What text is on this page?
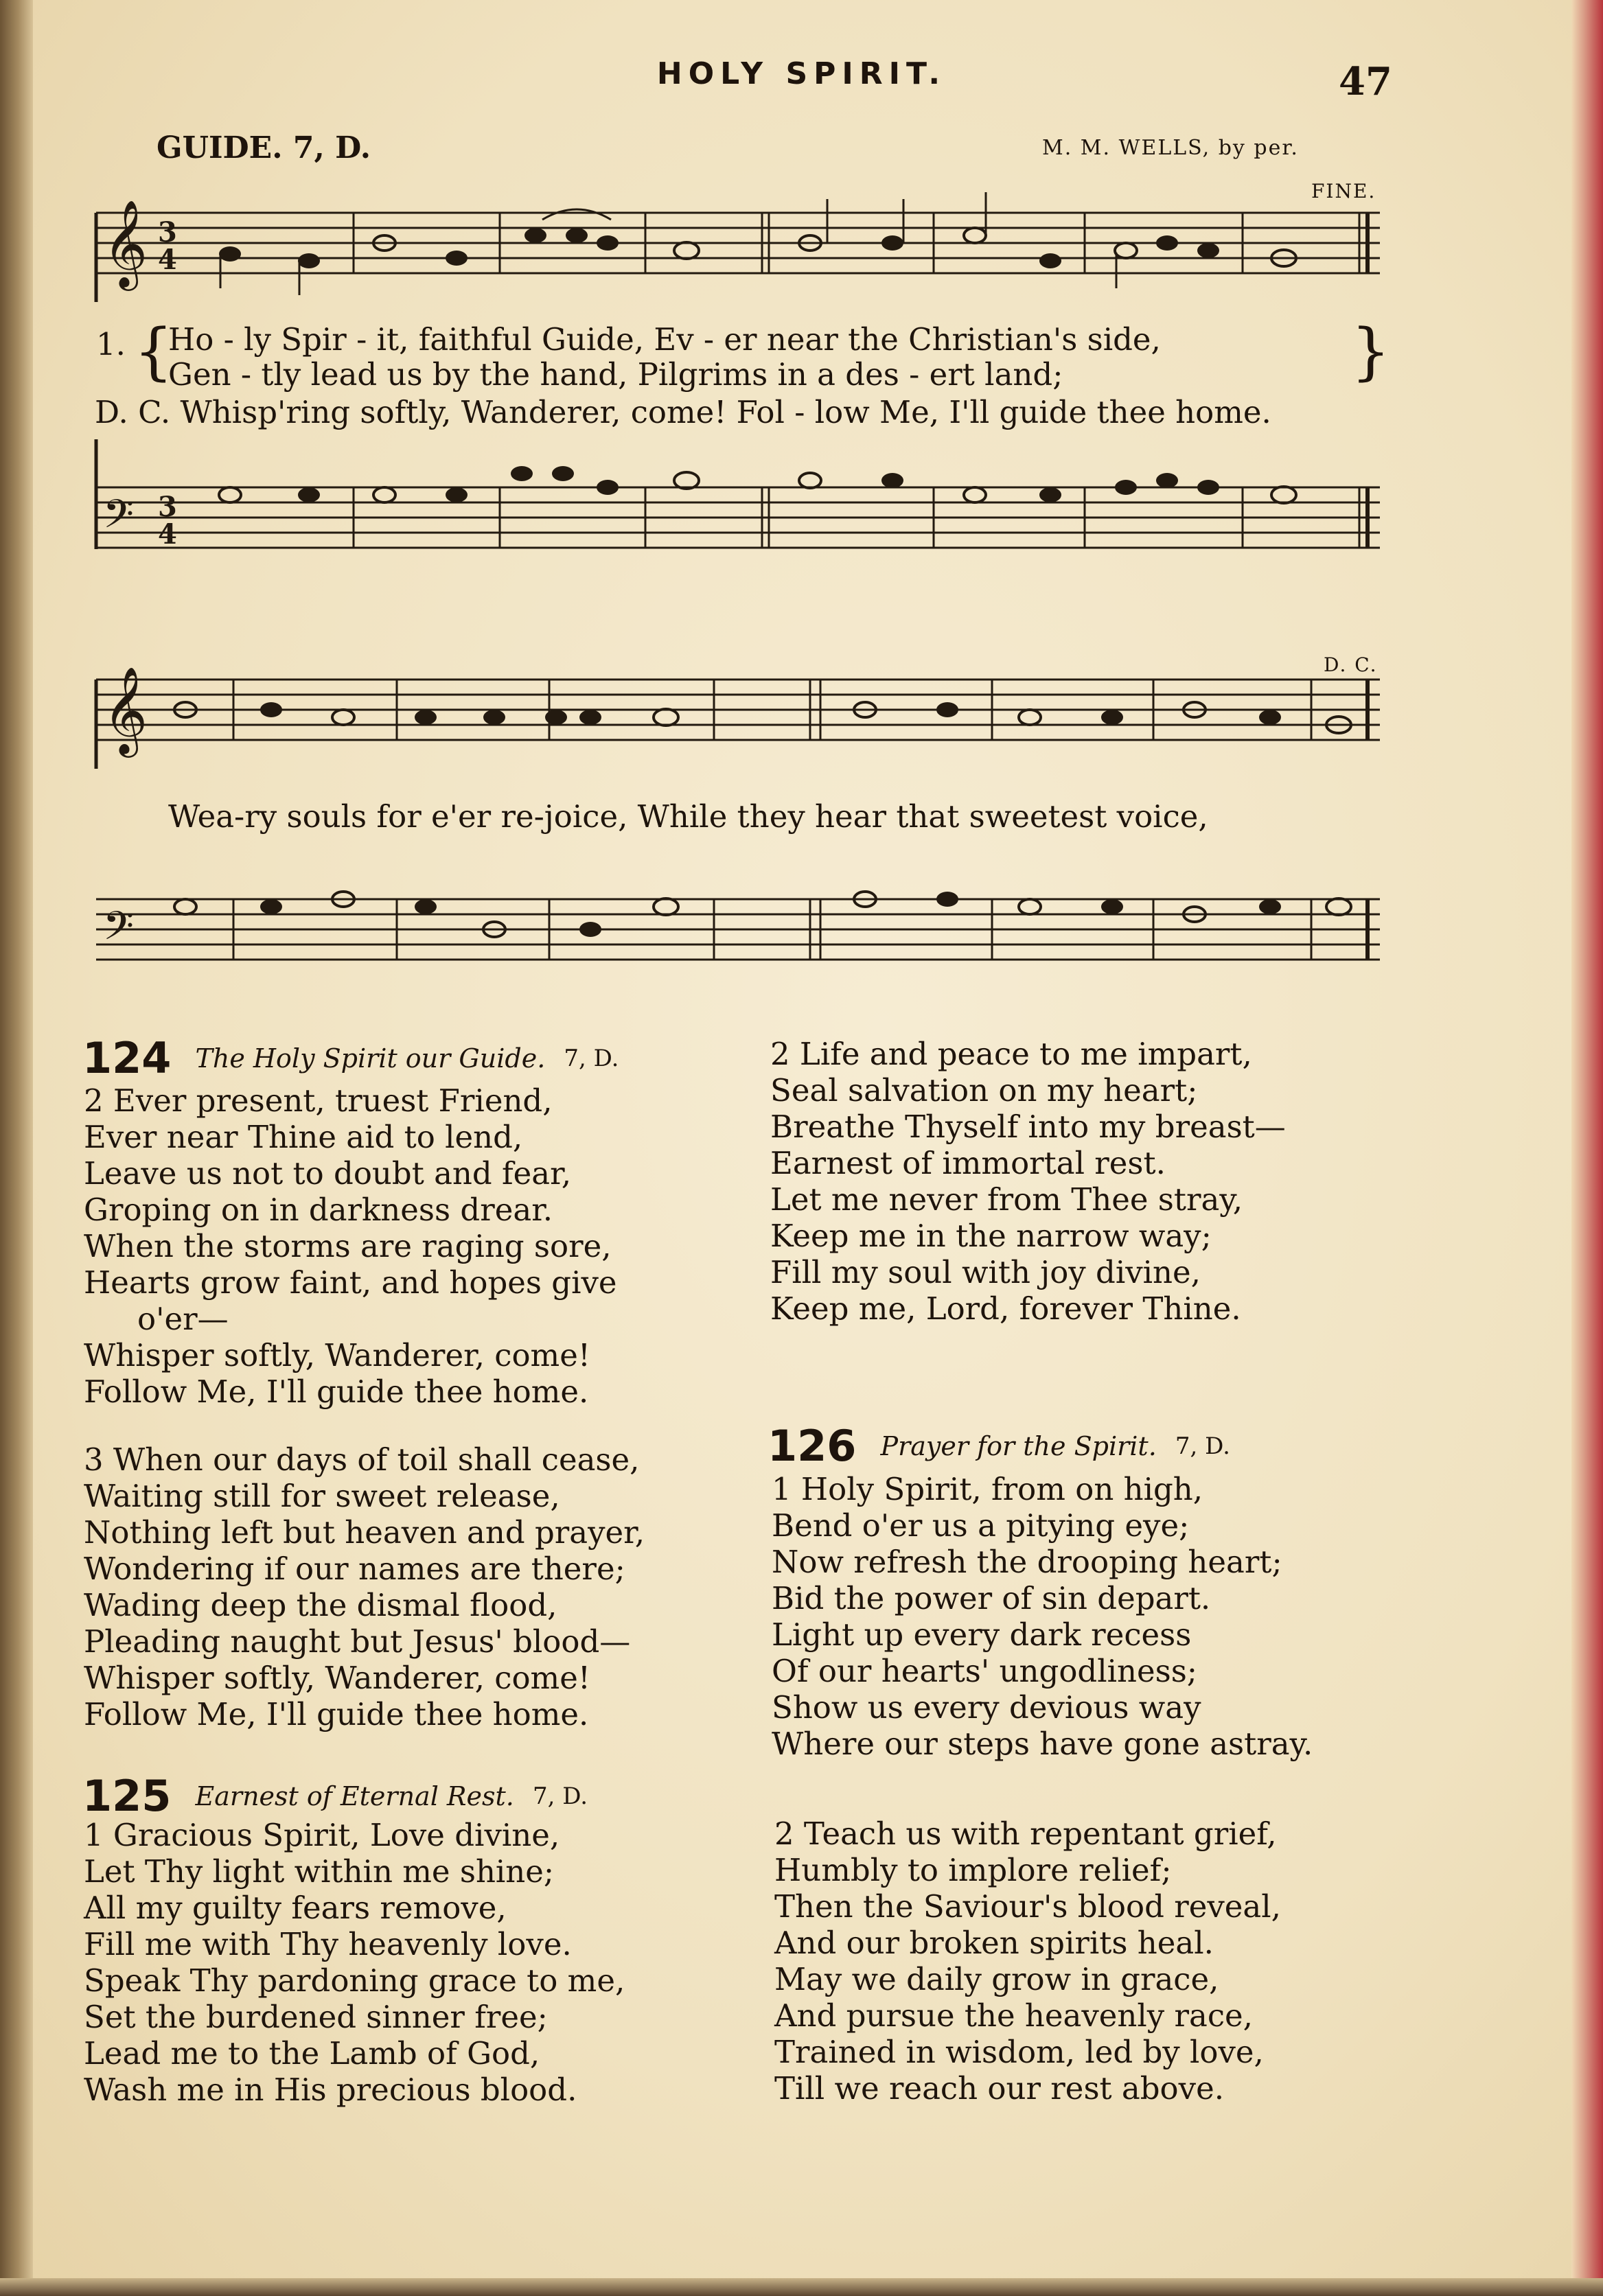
HOLY SPIRIT.	47
GUIDE. 7, D.	M. M. WELLS, by per.
FINE.
D. C.
𝄞 3
4
1. {
Ho - ly Spir - it, faithful Guide, Ev - er near the Christian's side,
Gen - tly lead us by the hand, Pilgrims in a des - ert land;	}
D. C. Whisp'ring softly, Wanderer, come! Fol - low Me, I'll guide thee home.
𝄢 3
4
𝄞
Wea-ry souls for e'er re-joice, While they hear that sweetest voice,
𝄢
124 The Holy Spirit our Guide. 7, D.
2 Ever present, truest Friend,
Ever near Thine aid to lend,
Leave us not to doubt and fear,
Groping on in darkness drear.
When the storms are raging sore,
Hearts grow faint, and hopes give
o'er—
Whisper softly, Wanderer, come!
Follow Me, I'll guide thee home.
3 When our days of toil shall cease,
Waiting still for sweet release,
Nothing left but heaven and prayer,
Wondering if our names are there;
Wading deep the dismal flood,
Pleading naught but Jesus' blood—
Whisper softly, Wanderer, come!
Follow Me, I'll guide thee home.
125 Earnest of Eternal Rest. 7, D.
1 Gracious Spirit, Love divine,
Let Thy light within me shine;
All my guilty fears remove,
Fill me with Thy heavenly love.
Speak Thy pardoning grace to me,
Set the burdened sinner free;
Lead me to the Lamb of God,
Wash me in His precious blood.
2 Life and peace to me impart,
Seal salvation on my heart;
Breathe Thyself into my breast—
Earnest of immortal rest.
Let me never from Thee stray,
Keep me in the narrow way;
Fill my soul with joy divine,
Keep me, Lord, forever Thine.
126 Prayer for the Spirit. 7, D.
1 Holy Spirit, from on high,
Bend o'er us a pitying eye;
Now refresh the drooping heart;
Bid the power of sin depart.
Light up every dark recess
Of our hearts' ungodliness;
Show us every devious way
Where our steps have gone astray.
2 Teach us with repentant grief,
Humbly to implore relief;
Then the Saviour's blood reveal,
And our broken spirits heal.
May we daily grow in grace,
And pursue the heavenly race,
Trained in wisdom, led by love,
Till we reach our rest above.
